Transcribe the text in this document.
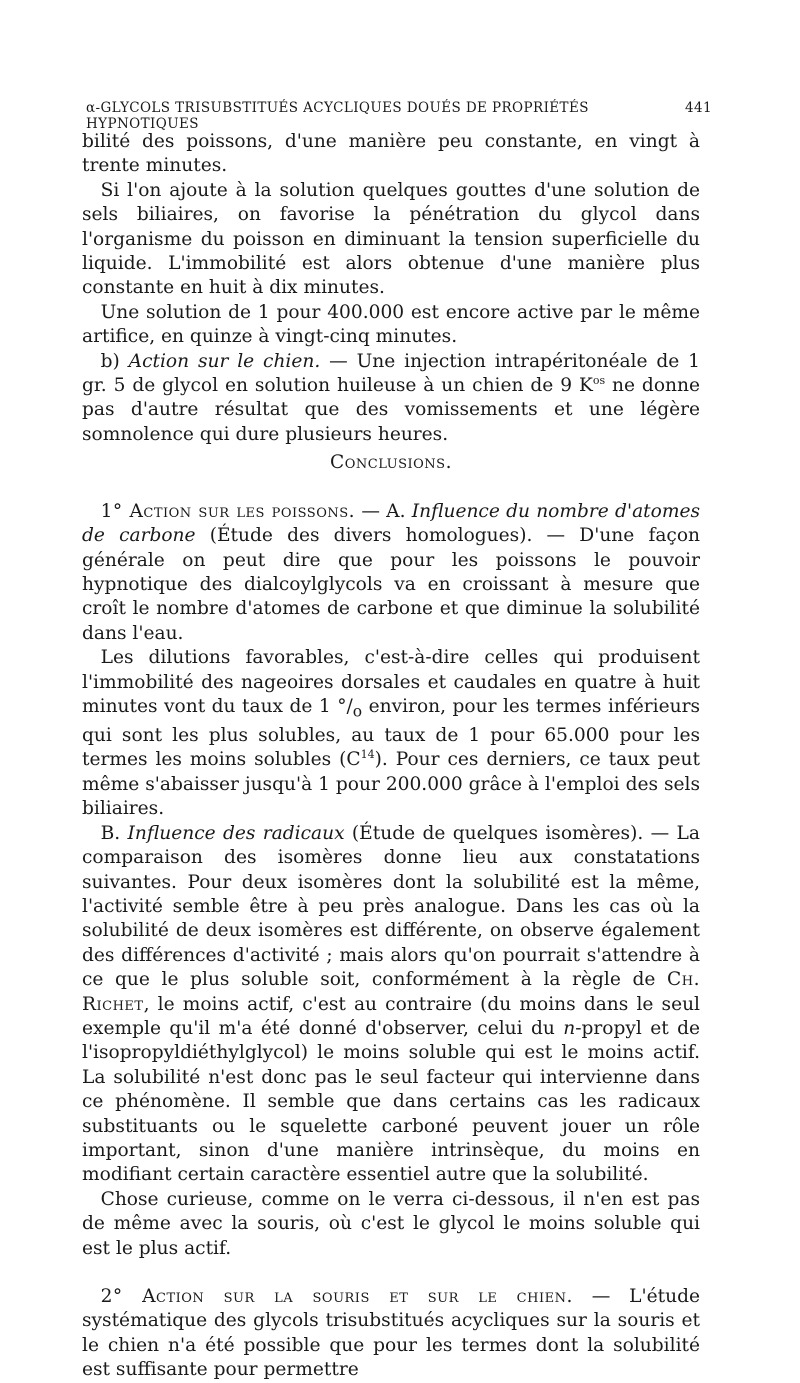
α-GLYCOLS TRISUBSTITUÉS ACYCLIQUES DOUÉS DE PROPRIÉTÉS HYPNOTIQUES
441

bilité des poissons, d'une manière peu constante, en vingt à trente minutes.

Si l'on ajoute à la solution quelques gouttes d'une solution de sels biliaires, on favorise la pénétration du glycol dans l'organisme du poisson en diminuant la tension superficielle du liquide. L'immobilité est alors obtenue d'une manière plus constante en huit à dix minutes.

Une solution de 1 pour 400.000 est encore active par le même artifice, en quinze à vingt-cinq minutes.

b) Action sur le chien. — Une injection intrapéritonéale de 1 gr. 5 de glycol en solution huileuse à un chien de 9 $K^{os}$ ne donne pas d'autre résultat que des vomissements et une légère somnolence qui dure plusieurs heures.

Conclusions.

1° Action sur les poissons. — A. Influence du nombre d'atomes de carbone (Étude des divers homologues). — D'une façon générale on peut dire que pour les poissons le pouvoir hypnotique des dialcoylglycols va en croissant à mesure que croît le nombre d'atomes de carbone et que diminue la solubilité dans l'eau.

Les dilutions favorables, c'est-à-dire celles qui produisent l'immobilité des nageoires dorsales et caudales en quatre à huit minutes vont du taux de 1 $^\circ/_o$ environ, pour les termes inférieurs qui sont les plus solubles, au taux de 1 pour 65.000 pour les termes les moins solubles $(C^{14})$. Pour ces derniers, ce taux peut même s'abaisser jusqu'à 1 pour 200.000 grâce à l'emploi des sels biliaires.

B. Influence des radicaux (Étude de quelques isomères). — La comparaison des isomères donne lieu aux constatations suivantes. Pour deux isomères dont la solubilité est la même, l'activité semble être à peu près analogue. Dans les cas où la solubilité de deux isomères est différente, on observe également des différences d'activité ; mais alors qu'on pourrait s'attendre à ce que le plus soluble soit, conformément à la règle de Ch. Richet, le moins actif, c'est au contraire (du moins dans le seul exemple qu'il m'a été donné d'observer, celui du n-propyl et de l'isopropyldiéthylglycol) le moins soluble qui est le moins actif. La solubilité n'est donc pas le seul facteur qui intervienne dans ce phénomène. Il semble que dans certains cas les radicaux substituants ou le squelette carboné peuvent jouer un rôle important, sinon d'une manière intrinsèque, du moins en modifiant certain caractère essentiel autre que la solubilité.

Chose curieuse, comme on le verra ci-dessous, il n'en est pas de même avec la souris, où c'est le glycol le moins soluble qui est le plus actif.

2° Action sur la souris et sur le chien. — L'étude systématique des glycols trisubstitués acycliques sur la souris et le chien n'a été possible que pour les termes dont la solubilité est suffisante pour permettre
